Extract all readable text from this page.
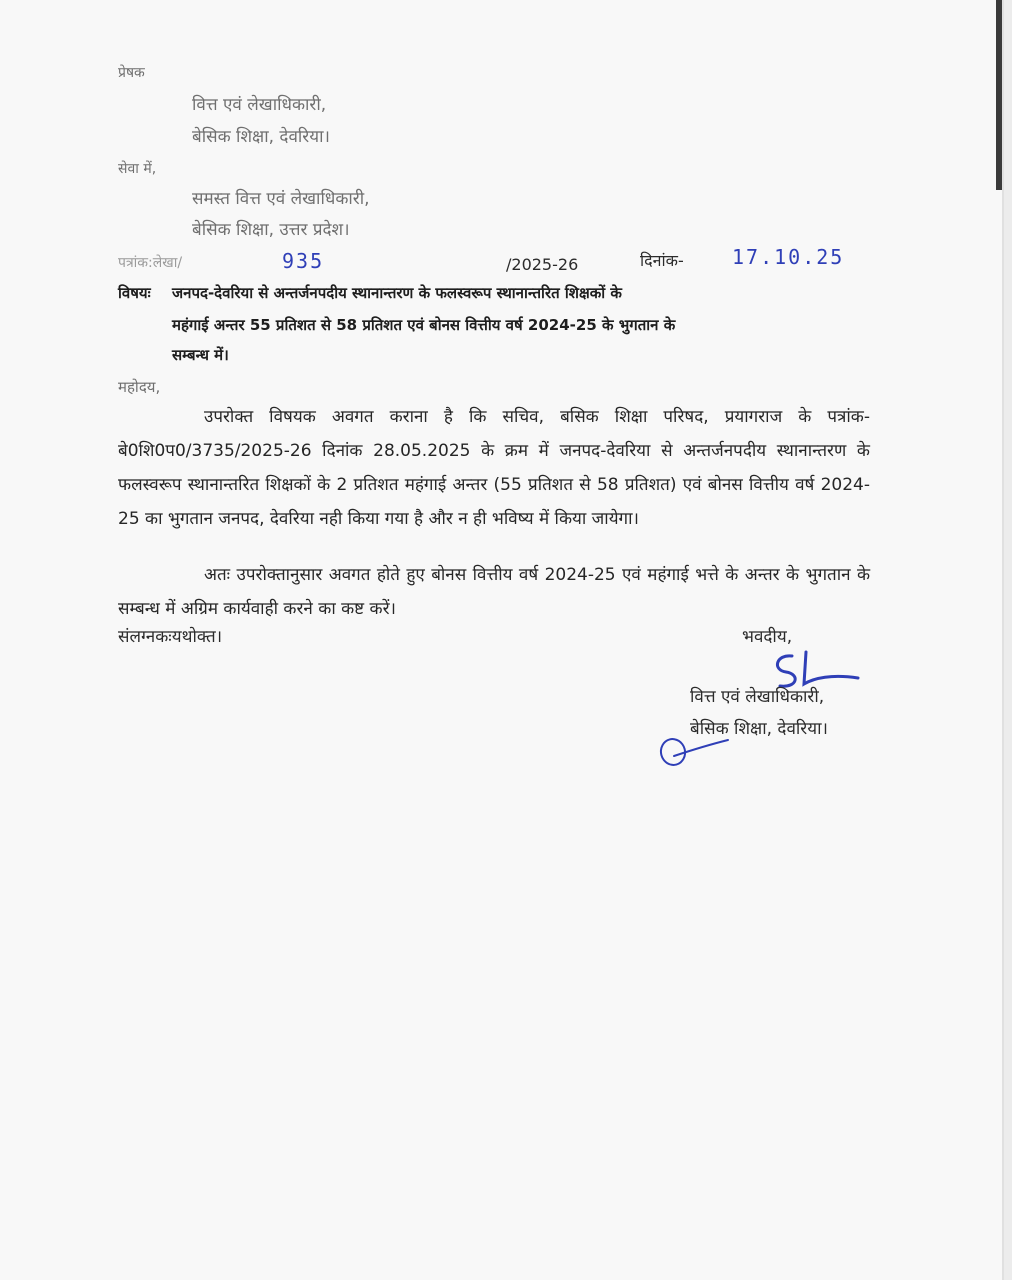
प्रेषक
वित्त एवं लेखाधिकारी,
बेसिक शिक्षा, देवरिया।
सेवा में,
समस्त वित्त एवं लेखाधिकारी,
बेसिक शिक्षा, उत्तर प्रदेश।
पत्रांक:लेखा/	935	/2025-26	दिनांक- 17.10.25
विषयः जनपद-देवरिया से अन्तर्जनपदीय स्थानान्तरण के फलस्वरूप स्थानान्तरित शिक्षकों के
महंगाई अन्तर 55 प्रतिशत से 58 प्रतिशत एवं बोनस वित्तीय वर्ष 2024-25 के भुगतान के
सम्बन्ध में।
महोदय,
उपरोक्त विषयक अवगत कराना है कि सचिव, बसिक शिक्षा परिषद, प्रयागराज के पत्रांक-बे0शि0प0/3735/2025-26 दिनांक 28.05.2025 के क्रम में जनपद-देवरिया से अन्तर्जनपदीय स्थानान्तरण के फलस्वरूप स्थानान्तरित शिक्षकों के 2 प्रतिशत महंगाई अन्तर (55 प्रतिशत से 58 प्रतिशत) एवं बोनस वित्तीय वर्ष 2024-25 का भुगतान जनपद, देवरिया नही किया गया है और न ही भविष्य में किया जायेगा।
अतः उपरोक्तानुसार अवगत होते हुए बोनस वित्तीय वर्ष 2024-25 एवं महंगाई भत्ते के अन्तर के भुगतान के सम्बन्ध में अग्रिम कार्यवाही करने का कष्ट करें।
संलग्नकःयथोक्त।	भवदीय,
वित्त एवं लेखाधिकारी,
बेसिक शिक्षा, देवरिया।
